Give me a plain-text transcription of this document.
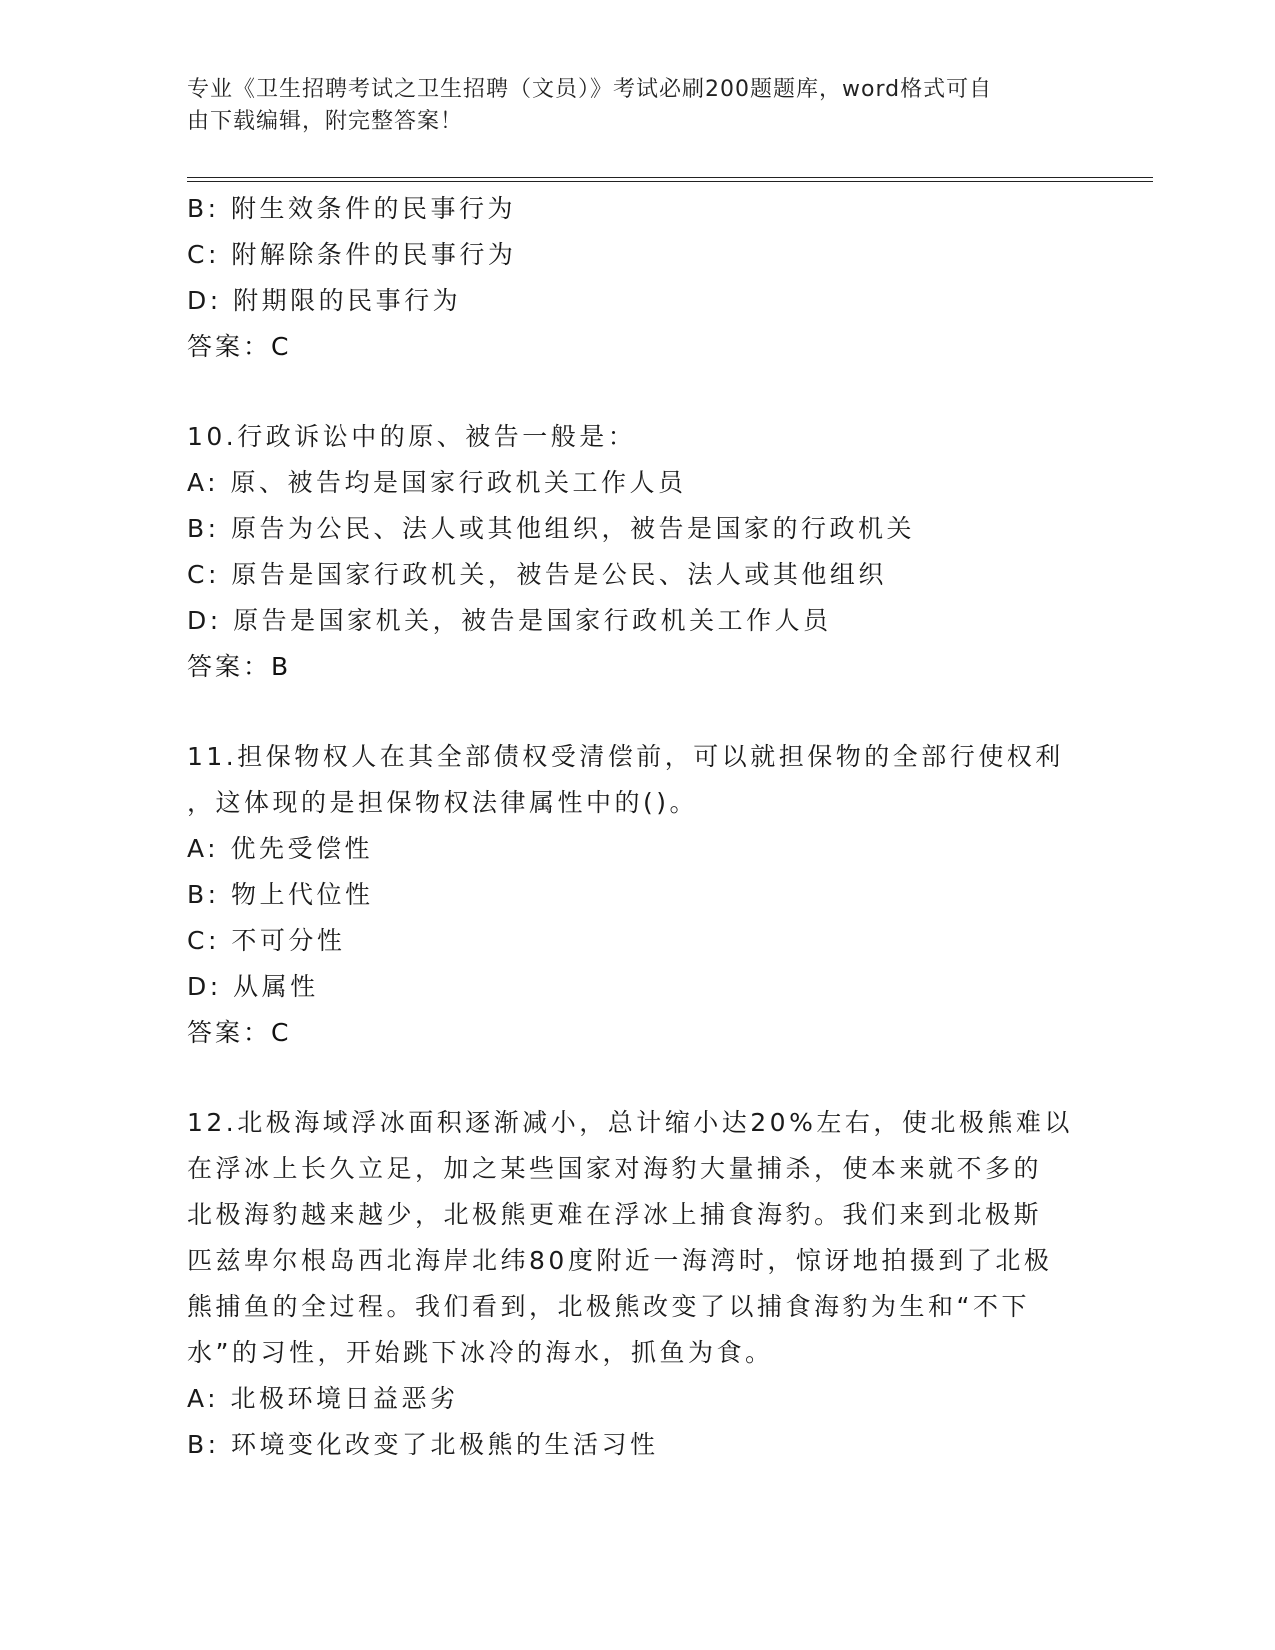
专业《卫生招聘考试之卫生招聘（文员）》考试必刷200题题库，word格式可自
由下载编辑，附完整答案！
B: 附生效条件的民事行为
C: 附解除条件的民事行为
D: 附期限的民事行为
答案：C
10.行政诉讼中的原、被告一般是：
A: 原、被告均是国家行政机关工作人员
B: 原告为公民、法人或其他组织，被告是国家的行政机关
C: 原告是国家行政机关，被告是公民、法人或其他组织
D: 原告是国家机关，被告是国家行政机关工作人员
答案：B
11.担保物权人在其全部债权受清偿前，可以就担保物的全部行使权利
，这体现的是担保物权法律属性中的()。
A: 优先受偿性
B: 物上代位性
C: 不可分性
D: 从属性
答案：C
12.北极海域浮冰面积逐渐减小，总计缩小达20%左右，使北极熊难以
在浮冰上长久立足，加之某些国家对海豹大量捕杀，使本来就不多的
北极海豹越来越少，北极熊更难在浮冰上捕食海豹。我们来到北极斯
匹兹卑尔根岛西北海岸北纬80度附近一海湾时，惊讶地拍摄到了北极
熊捕鱼的全过程。我们看到，北极熊改变了以捕食海豹为生和“不下
水”的习性，开始跳下冰冷的海水，抓鱼为食。
A: 北极环境日益恶劣
B: 环境变化改变了北极熊的生活习性
